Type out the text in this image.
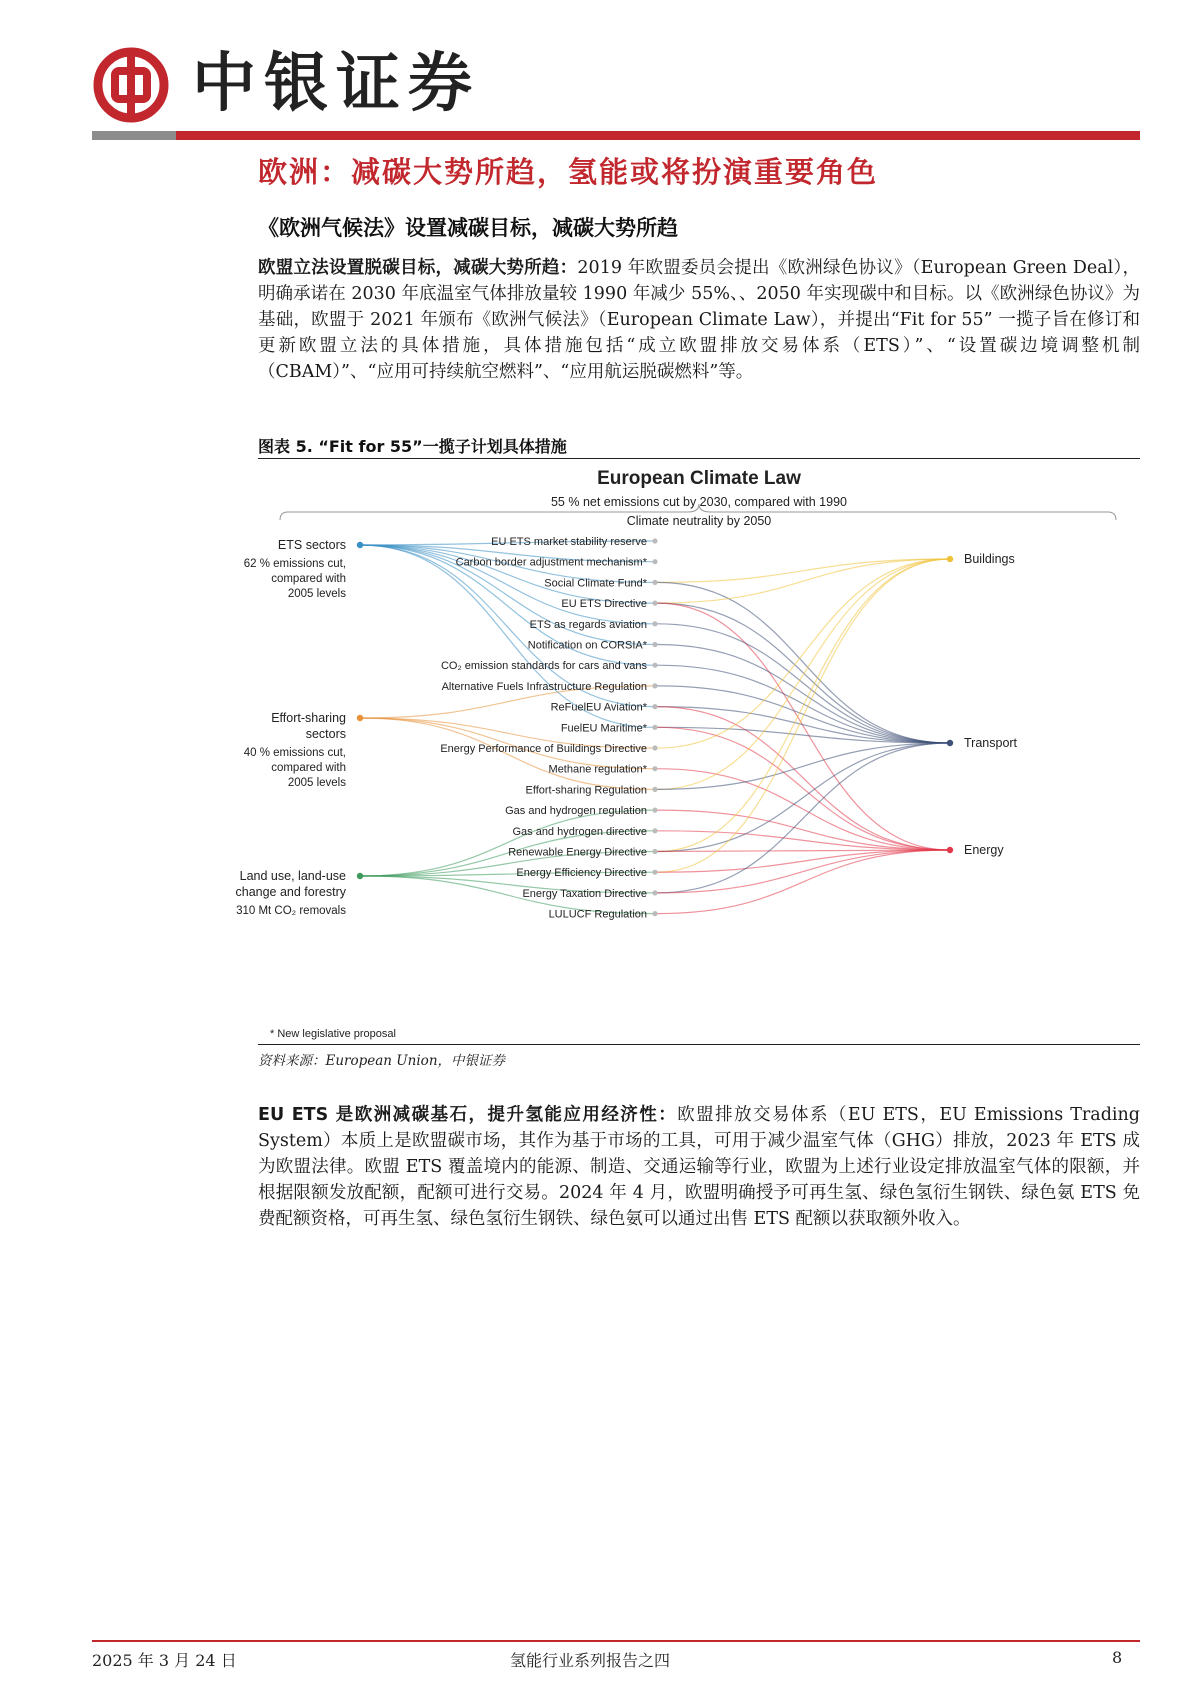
中银证券
欧洲：减碳大势所趋，氢能或将扮演重要角色
《欧洲气候法》设置减碳目标，减碳大势所趋
欧盟立法设置脱碳目标，减碳大势所趋：2019 年欧盟委员会提出《欧洲绿色协议》（European Green Deal），明确承诺在 2030 年底温室气体排放量较 1990 年减少 55%、、2050 年实现碳中和目标。以《欧洲绿色协议》为基础，欧盟于 2021 年颁布《欧洲气候法》（European Climate Law），并提出“Fit for 55” 一揽子旨在修订和更新欧盟立法的具体措施，具体措施包括“成立欧盟排放交易体系（ETS）”、“设置碳边境调整机制（CBAM）”、“应用可持续航空燃料”、“应用航运脱碳燃料”等。
图表 5. “Fit for 55”一揽子计划具体措施
European Climate Law
55 % net emissions cut by 2030, compared with 1990
Climate neutrality by 2050
EU ETS market stability reserve
Carbon border adjustment mechanism*
Social Climate Fund*
EU ETS Directive
ETS as regards aviation
Notification on CORSIA*
CO₂ emission standards for cars and vans
Alternative Fuels Infrastructure Regulation
ReFuelEU Aviation*
FuelEU Maritime*
Energy Performance of Buildings Directive
Methane regulation*
Effort-sharing Regulation
Gas and hydrogen regulation
Gas and hydrogen directive
Renewable Energy Directive
Energy Efficiency Directive
Energy Taxation Directive
LULUCF Regulation
ETS sectors
62 % emissions cut,
compared with
2005 levels
Effort-sharing
sectors
40 % emissions cut,
compared with
2005 levels
Land use, land-use
change and forestry
310 Mt CO₂ removals
Buildings
Transport
Energy
* New legislative proposal
资料来源：European Union，中银证券
EU ETS 是欧洲减碳基石，提升氢能应用经济性：欧盟排放交易体系（EU ETS，EU Emissions Trading System）本质上是欧盟碳市场，其作为基于市场的工具，可用于减少温室气体（GHG）排放，2023 年 ETS 成为欧盟法律。欧盟 ETS 覆盖境内的能源、制造、交通运输等行业，欧盟为上述行业设定排放温室气体的限额，并根据限额发放配额，配额可进行交易。2024 年 4 月，欧盟明确授予可再生氢、绿色氢衍生钢铁、绿色氨 ETS 免费配额资格，可再生氢、绿色氢衍生钢铁、绿色氨可以通过出售 ETS 配额以获取额外收入。
2025 年 3 月 24 日	氢能行业系列报告之四	8
